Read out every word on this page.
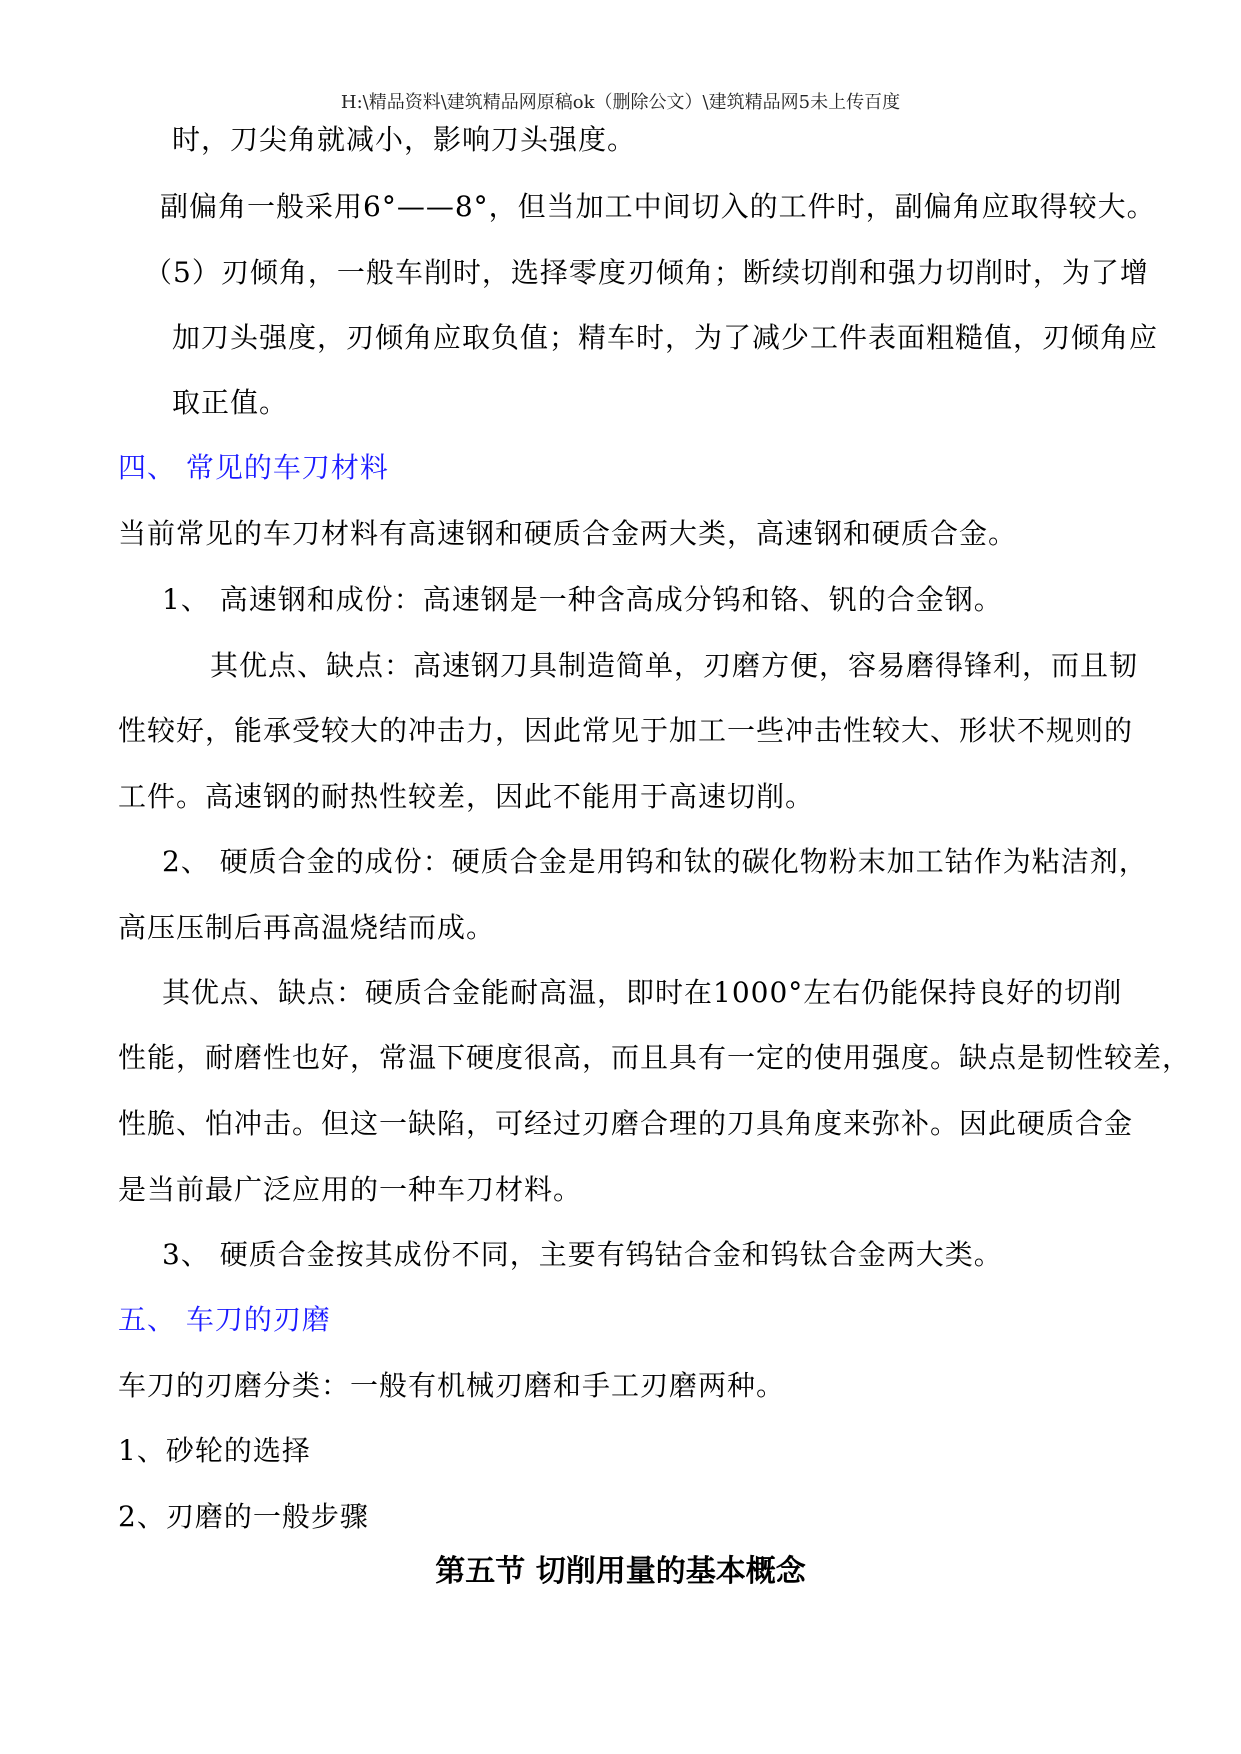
H:\精品资料\建筑精品网原稿ok（删除公文）\建筑精品网5未上传百度
时，刀尖角就减小，影响刀头强度。
副偏角一般采用6°——8°，但当加工中间切入的工件时，副偏角应取得较大。
（5）刃倾角，一般车削时，选择零度刃倾角；断续切削和强力切削时，为了增
加刀头强度，刃倾角应取负值；精车时，为了减少工件表面粗糙值，刃倾角应
取正值。
四、 常见的车刀材料
当前常见的车刀材料有高速钢和硬质合金两大类，高速钢和硬质合金。
1、 高速钢和成份：高速钢是一种含高成分钨和铬、钒的合金钢。
其优点、缺点：高速钢刀具制造简单，刃磨方便，容易磨得锋利，而且韧
性较好，能承受较大的冲击力，因此常见于加工一些冲击性较大、形状不规则的
工件。高速钢的耐热性较差，因此不能用于高速切削。
2、 硬质合金的成份：硬质合金是用钨和钛的碳化物粉末加工钴作为粘洁剂，
高压压制后再高温烧结而成。
其优点、缺点：硬质合金能耐高温，即时在1000°左右仍能保持良好的切削
性能，耐磨性也好，常温下硬度很高，而且具有一定的使用强度。缺点是韧性较差，
性脆、怕冲击。但这一缺陷，可经过刃磨合理的刀具角度来弥补。因此硬质合金
是当前最广泛应用的一种车刀材料。
3、 硬质合金按其成份不同，主要有钨钴合金和钨钛合金两大类。
五、 车刀的刃磨
车刀的刃磨分类：一般有机械刃磨和手工刃磨两种。
1、砂轮的选择
2、刃磨的一般步骤
第五节 切削用量的基本概念
